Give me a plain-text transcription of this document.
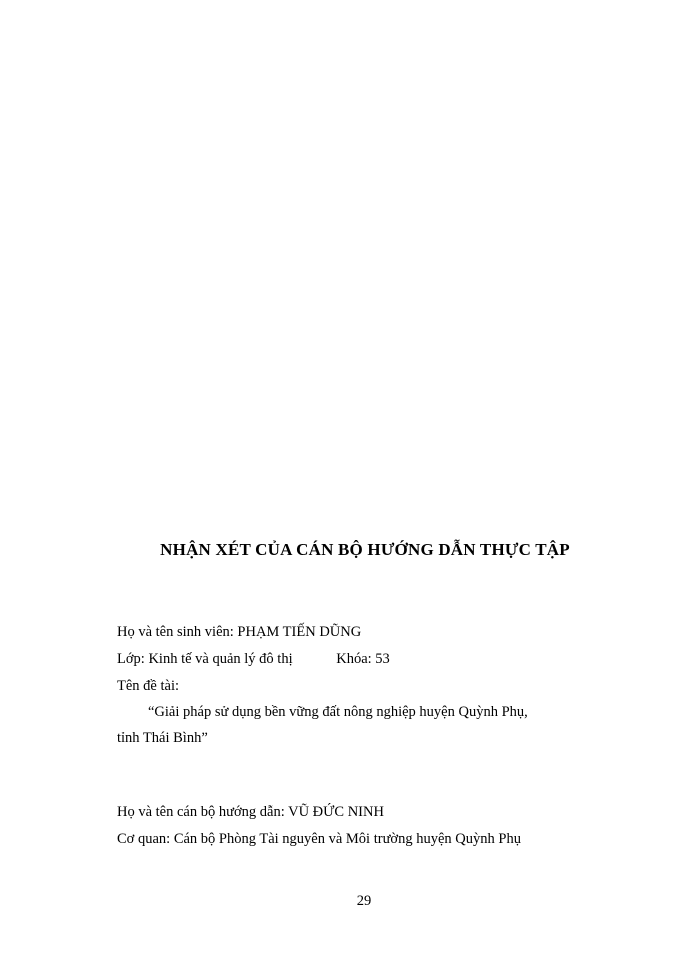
NHẬN XÉT CỦA CÁN BỘ HƯỚNG DẪN THỰC TẬP
Họ và tên sinh viên: PHẠM TIẾN DŨNG
Lớp: Kinh tế và quản lý đô thị	Khóa: 53
Tên đề tài:
“Giải pháp sử dụng bền vững đất nông nghiệp huyện Quỳnh Phụ,
tỉnh Thái Bình”
Họ và tên cán bộ hướng dẫn: VŨ ĐỨC NINH
Cơ quan: Cán bộ Phòng Tài nguyên và Môi trường huyện Quỳnh Phụ
29
